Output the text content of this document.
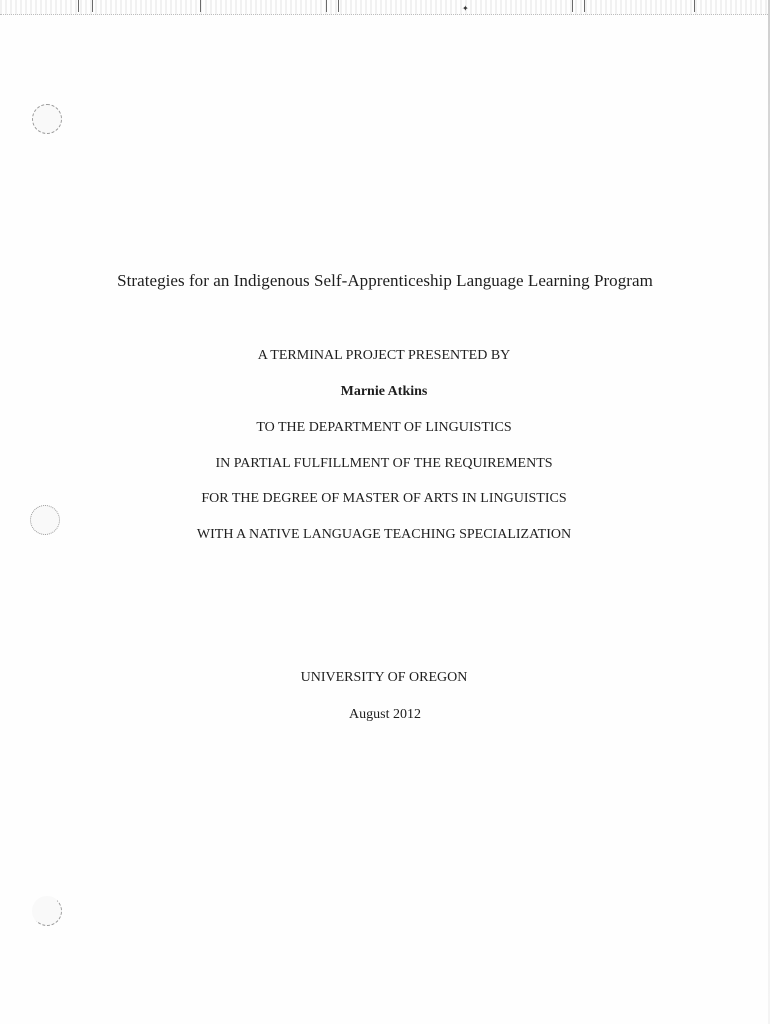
✦

Strategies for an Indigenous Self-Apprenticeship Language Learning Program

A TERMINAL PROJECT PRESENTED BY

Marnie Atkins

TO THE DEPARTMENT OF LINGUISTICS

IN PARTIAL FULFILLMENT OF THE REQUIREMENTS

FOR THE DEGREE OF MASTER OF ARTS IN LINGUISTICS

WITH A NATIVE LANGUAGE TEACHING SPECIALIZATION

UNIVERSITY OF OREGON

August 2012
